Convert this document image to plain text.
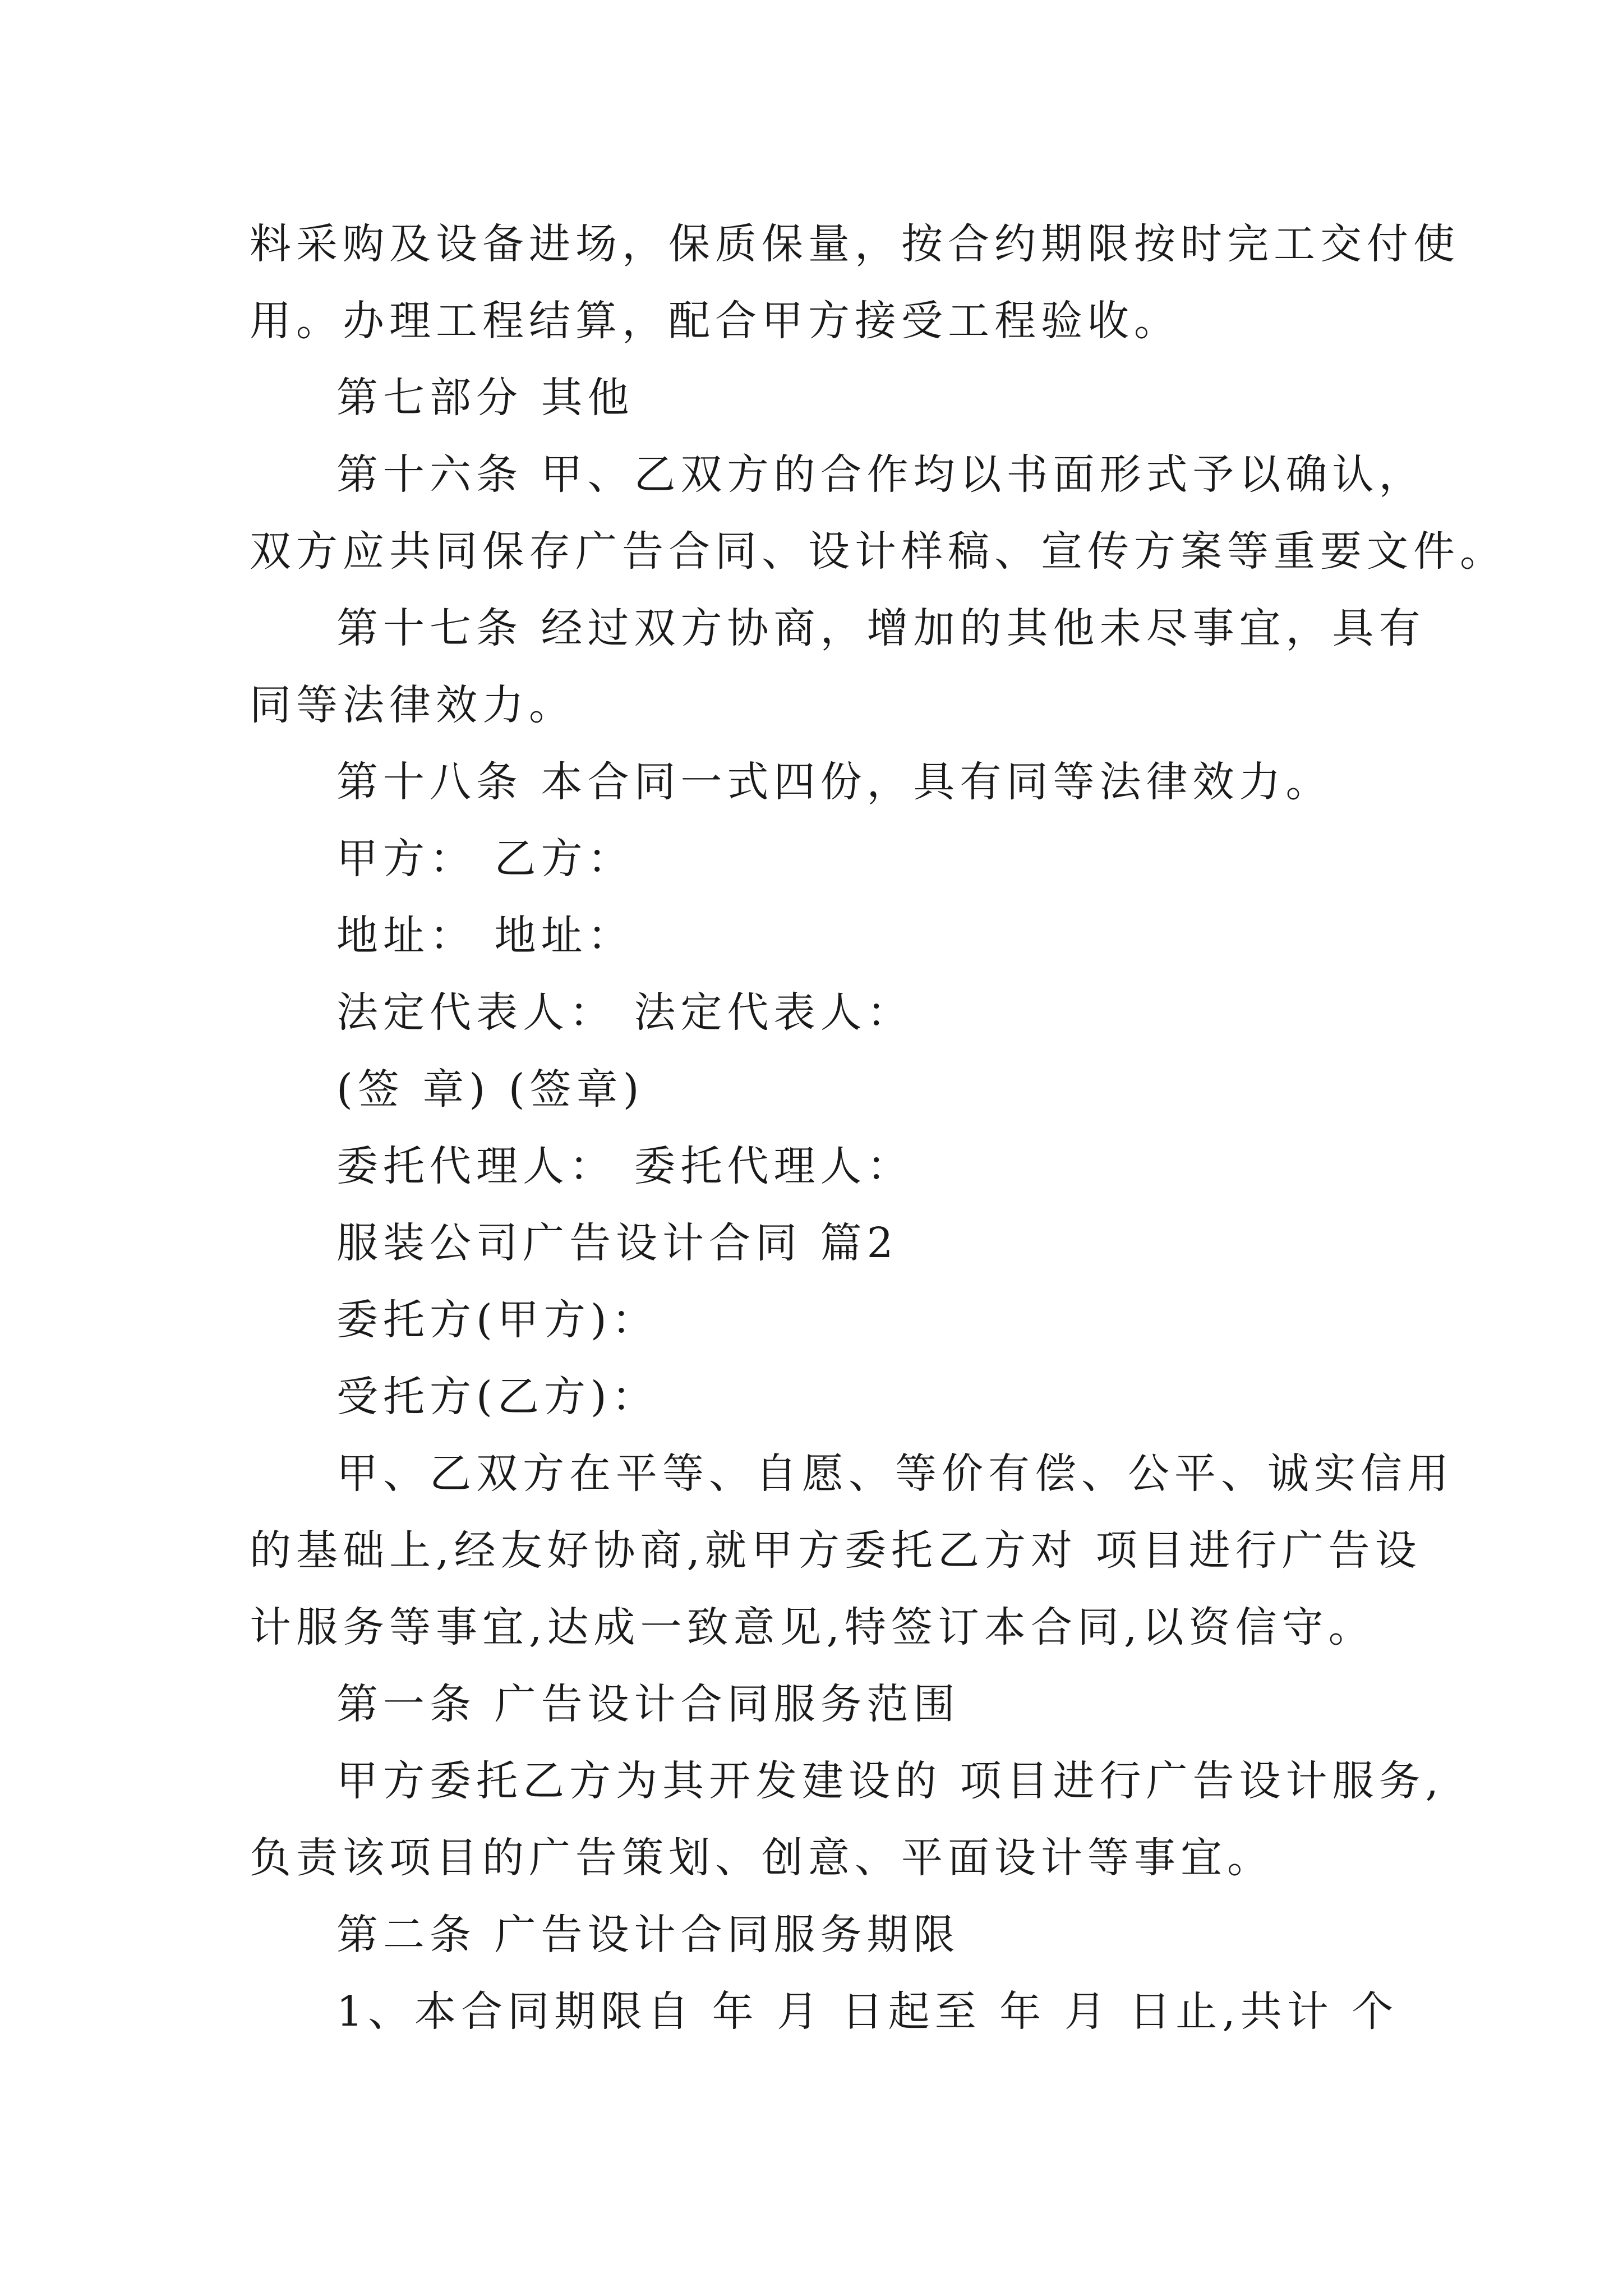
料采购及设备进场，保质保量，按合约期限按时完工交付使
用。办理工程结算，配合甲方接受工程验收。
第七部分 其他
第十六条 甲、乙双方的合作均以书面形式予以确认，
双方应共同保存广告合同、设计样稿、宣传方案等重要文件。
第十七条 经过双方协商，增加的其他未尽事宜，具有
同等法律效力。
第十八条 本合同一式四份，具有同等法律效力。
甲方： 乙方：
地址： 地址：
法定代表人： 法定代表人：
(签 章) (签章)
委托代理人： 委托代理人：
服装公司广告设计合同 篇2
委托方(甲方)：
受托方(乙方)：
甲、乙双方在平等、自愿、等价有偿、公平、诚实信用
的基础上,经友好协商,就甲方委托乙方对 项目进行广告设
计服务等事宜,达成一致意见,特签订本合同,以资信守。
第一条 广告设计合同服务范围
甲方委托乙方为其开发建设的 项目进行广告设计服务,
负责该项目的广告策划、创意、平面设计等事宜。
第二条 广告设计合同服务期限
1、本合同期限自 年 月 日起至 年 月 日止,共计 个
